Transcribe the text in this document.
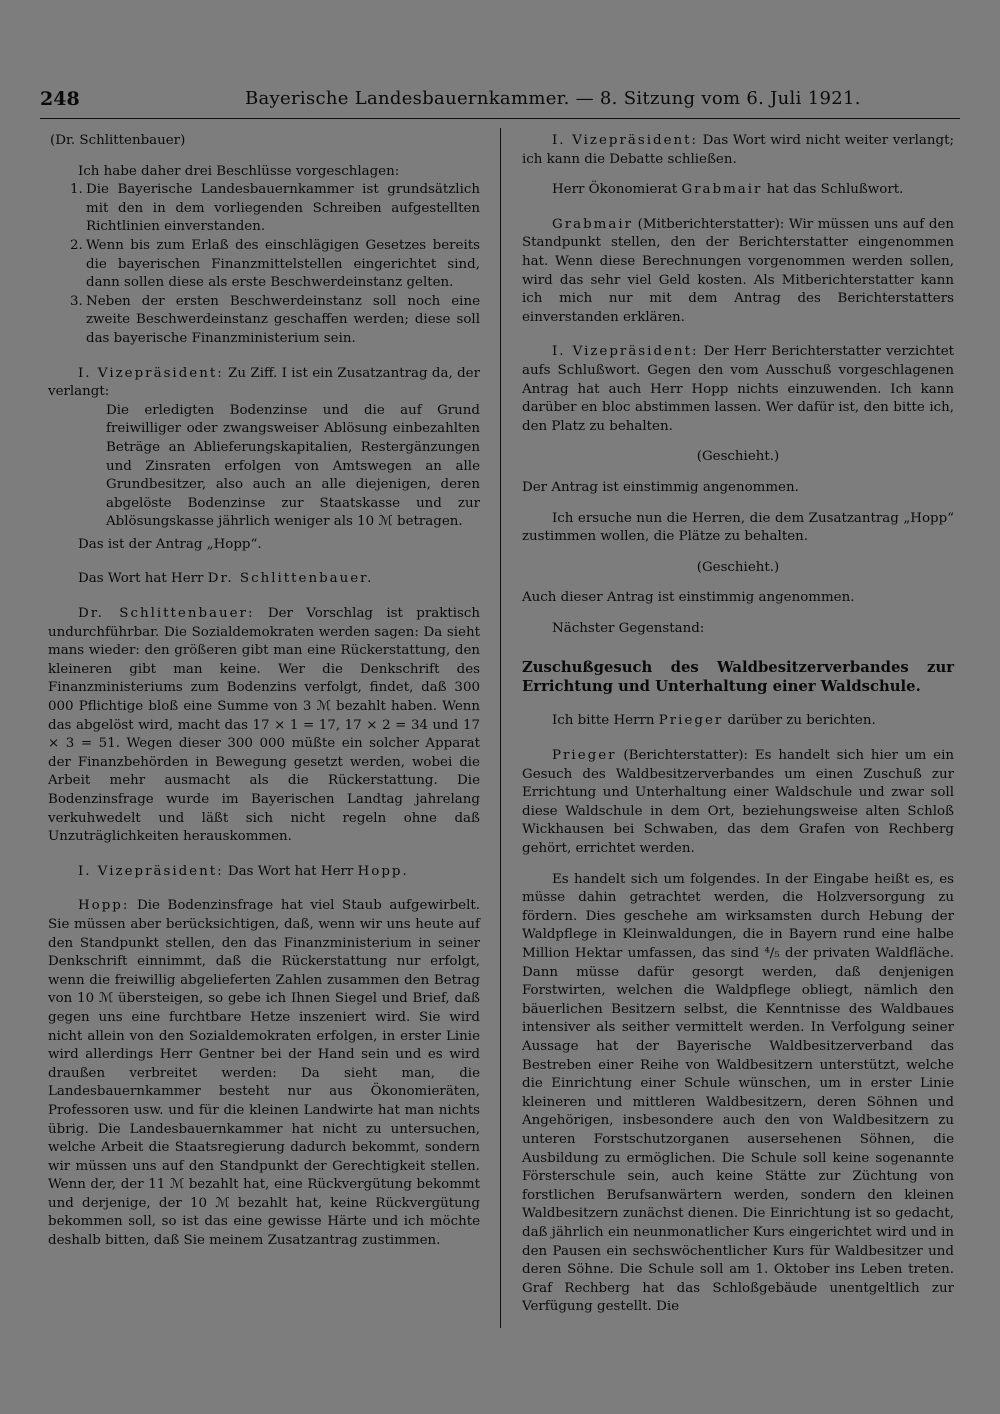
248	Bayerische Landesbauernkammer. — 8. Sitzung vom 6. Juli 1921.

(Dr. Schlittenbauer)

Ich habe daher drei Beschlüsse vorgeschlagen:

1. Die Bayerische Landesbauernkammer ist grundsätzlich mit den in dem vorliegenden Schreiben aufgestellten Richtlinien einverstanden.
2. Wenn bis zum Erlaß des einschlägigen Gesetzes bereits die bayerischen Finanzmittelstellen eingerichtet sind, dann sollen diese als erste Beschwerdeinstanz gelten.
3. Neben der ersten Beschwerdeinstanz soll noch eine zweite Beschwerdeinstanz geschaffen werden; diese soll das bayerische Finanzministerium sein.

I. Vizepräsident: Zu Ziff. I ist ein Zusatzantrag da, der verlangt:

Die erledigten Bodenzinse und die auf Grund freiwilliger oder zwangsweiser Ablösung einbezahlten Beträge an Ablieferungskapitalien, Restergänzungen und Zinsraten erfolgen von Amtswegen an alle Grundbesitzer, also auch an alle diejenigen, deren abgelöste Bodenzinse zur Staatskasse und zur Ablösungskasse jährlich weniger als 10 ℳ betragen.

Das ist der Antrag „Hopp“.

Das Wort hat Herr Dr. Schlittenbauer.

Dr. Schlittenbauer: Der Vorschlag ist praktisch undurchführbar. Die Sozialdemokraten werden sagen: Da sieht mans wieder: den größeren gibt man eine Rückerstattung, den kleineren gibt man keine. Wer die Denkschrift des Finanzministeriums zum Bodenzins verfolgt, findet, daß 300 000 Pflichtige bloß eine Summe von 3 ℳ bezahlt haben. Wenn das abgelöst wird, macht das 17 × 1 = 17, 17 × 2 = 34 und 17 × 3 = 51. Wegen dieser 300 000 müßte ein solcher Apparat der Finanzbehörden in Bewegung gesetzt werden, wobei die Arbeit mehr ausmacht als die Rückerstattung. Die Bodenzinsfrage wurde im Bayerischen Landtag jahrelang verkuhwedelt und läßt sich nicht regeln ohne daß Unzuträglichkeiten herauskommen.

I. Vizepräsident: Das Wort hat Herr Hopp.

Hopp: Die Bodenzinsfrage hat viel Staub aufgewirbelt. Sie müssen aber berücksichtigen, daß, wenn wir uns heute auf den Standpunkt stellen, den das Finanzministerium in seiner Denkschrift einnimmt, daß die Rückerstattung nur erfolgt, wenn die freiwillig abgelieferten Zahlen zusammen den Betrag von 10 ℳ übersteigen, so gebe ich Ihnen Siegel und Brief, daß gegen uns eine furchtbare Hetze inszeniert wird. Sie wird nicht allein von den Sozialdemokraten erfolgen, in erster Linie wird allerdings Herr Gentner bei der Hand sein und es wird draußen verbreitet werden: Da sieht man, die Landesbauernkammer besteht nur aus Ökonomieräten, Professoren usw. und für die kleinen Landwirte hat man nichts übrig. Die Landesbauernkammer hat nicht zu untersuchen, welche Arbeit die Staatsregierung dadurch bekommt, sondern wir müssen uns auf den Standpunkt der Gerechtigkeit stellen. Wenn der, der 11 ℳ bezahlt hat, eine Rückvergütung bekommt und derjenige, der 10 ℳ bezahlt hat, keine Rückvergütung bekommen soll, so ist das eine gewisse Härte und ich möchte deshalb bitten, daß Sie meinem Zusatzantrag zustimmen.

I. Vizepräsident: Das Wort wird nicht weiter verlangt; ich kann die Debatte schließen.

Herr Ökonomierat Grabmair hat das Schlußwort.

Grabmair (Mitberichterstatter): Wir müssen uns auf den Standpunkt stellen, den der Berichterstatter eingenommen hat. Wenn diese Berechnungen vorgenommen werden sollen, wird das sehr viel Geld kosten. Als Mitberichterstatter kann ich mich nur mit dem Antrag des Berichterstatters einverstanden erklären.

I. Vizepräsident: Der Herr Berichterstatter verzichtet aufs Schlußwort. Gegen den vom Ausschuß vorgeschlagenen Antrag hat auch Herr Hopp nichts einzuwenden. Ich kann darüber en bloc abstimmen lassen. Wer dafür ist, den bitte ich, den Platz zu behalten.

(Geschieht.)

Der Antrag ist einstimmig angenommen.

Ich ersuche nun die Herren, die dem Zusatzantrag „Hopp“ zustimmen wollen, die Plätze zu behalten.

(Geschieht.)

Auch dieser Antrag ist einstimmig angenommen.

Nächster Gegenstand:

Zuschußgesuch des Waldbesitzerverbandes zur Errichtung und Unterhaltung einer Waldschule.

Ich bitte Herrn Prieger darüber zu berichten.

Prieger (Berichterstatter): Es handelt sich hier um ein Gesuch des Waldbesitzerverbandes um einen Zuschuß zur Errichtung und Unterhaltung einer Waldschule und zwar soll diese Waldschule in dem Ort, beziehungsweise alten Schloß Wickhausen bei Schwaben, das dem Grafen von Rechberg gehört, errichtet werden.

Es handelt sich um folgendes. In der Eingabe heißt es, es müsse dahin getrachtet werden, die Holzversorgung zu fördern. Dies geschehe am wirksamsten durch Hebung der Waldpflege in Kleinwaldungen, die in Bayern rund eine halbe Million Hektar umfassen, das sind ⁴/₅ der privaten Waldfläche. Dann müsse dafür gesorgt werden, daß denjenigen Forstwirten, welchen die Waldpflege obliegt, nämlich den bäuerlichen Besitzern selbst, die Kenntnisse des Waldbaues intensiver als seither vermittelt werden. In Verfolgung seiner Aussage hat der Bayerische Waldbesitzerverband das Bestreben einer Reihe von Waldbesitzern unterstützt, welche die Einrichtung einer Schule wünschen, um in erster Linie kleineren und mittleren Waldbesitzern, deren Söhnen und Angehörigen, insbesondere auch den von Waldbesitzern zu unteren Forstschutzorganen ausersehenen Söhnen, die Ausbildung zu ermöglichen. Die Schule soll keine sogenannte Försterschule sein, auch keine Stätte zur Züchtung von forstlichen Berufsanwärtern werden, sondern den kleinen Waldbesitzern zunächst dienen. Die Einrichtung ist so gedacht, daß jährlich ein neunmonatlicher Kurs eingerichtet wird und in den Pausen ein sechswöchentlicher Kurs für Waldbesitzer und deren Söhne. Die Schule soll am 1. Oktober ins Leben treten. Graf Rechberg hat das Schloßgebäude unentgeltlich zur Verfügung gestellt. Die
